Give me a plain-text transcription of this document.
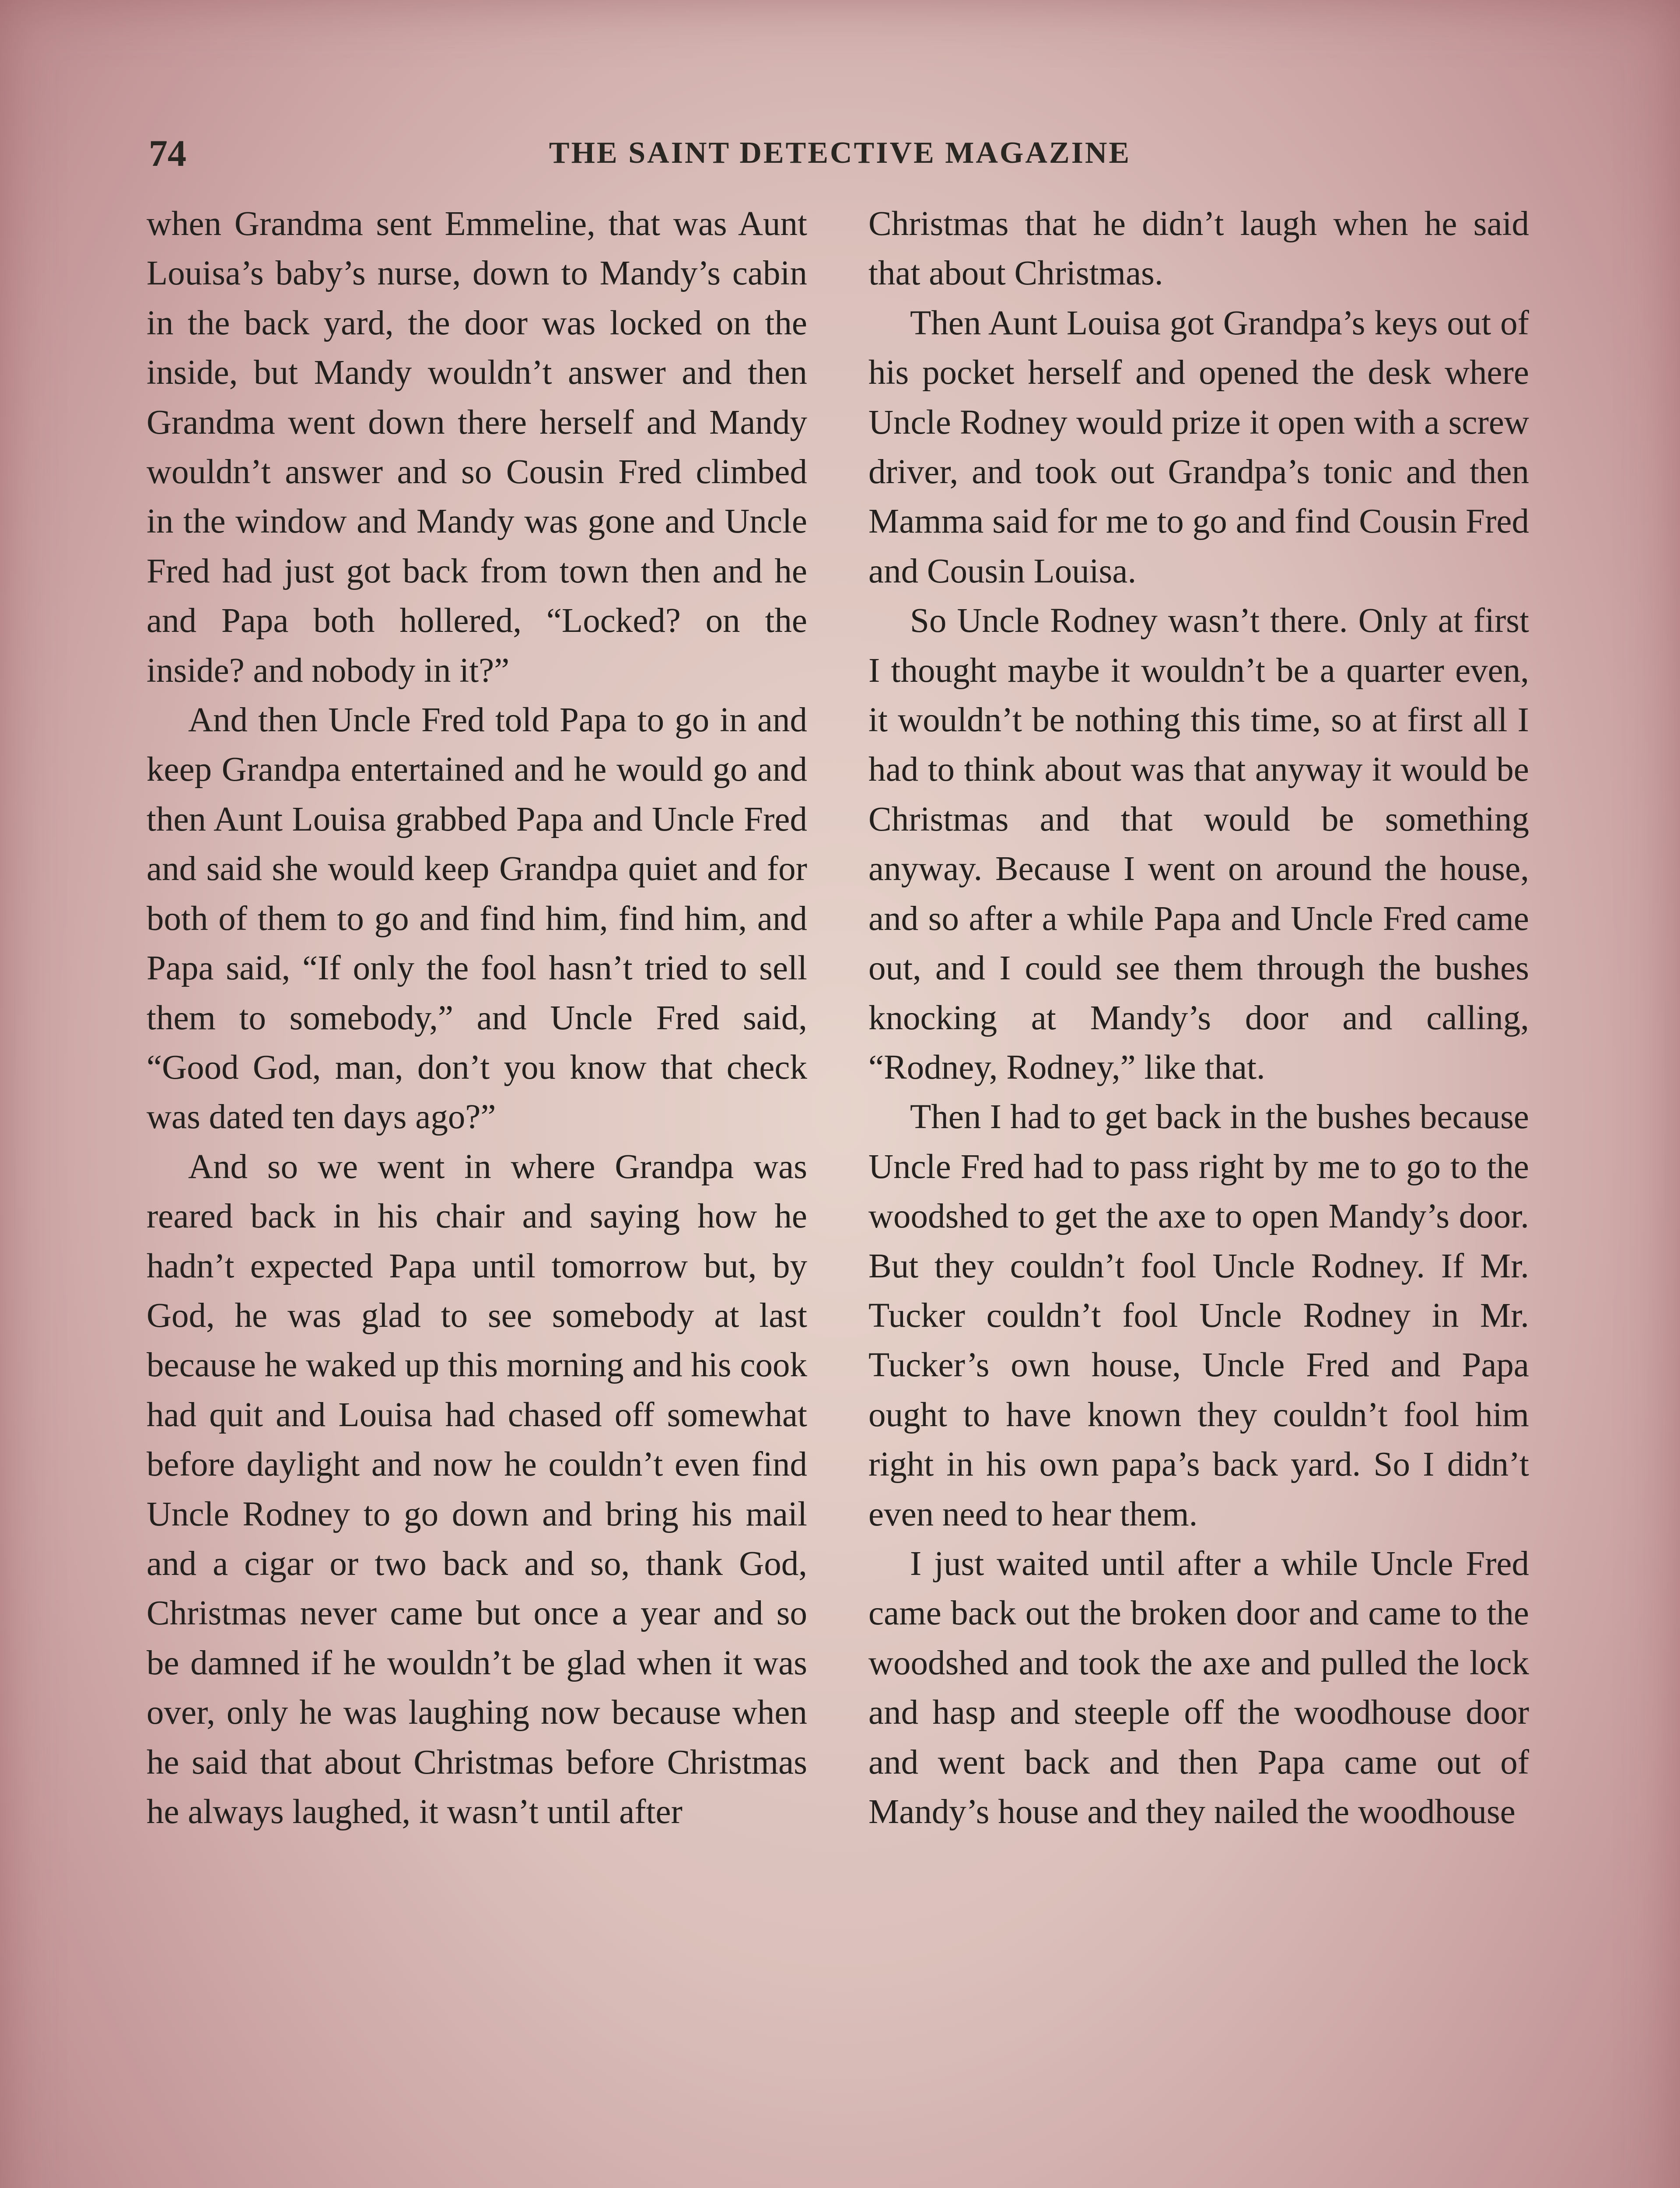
74	THE SAINT DETECTIVE MAGAZINE

when Grandma sent Emmeline, that was Aunt Louisa’s baby’s nurse, down to Mandy’s cabin in the back yard, the door was locked on the inside, but Mandy wouldn’t answer and then Grandma went down there herself and Mandy wouldn’t answer and so Cousin Fred climbed in the window and Mandy was gone and Uncle Fred had just got back from town then and he and Papa both hollered, “Locked? on the inside? and nobody in it?”

And then Uncle Fred told Papa to go in and keep Grandpa entertained and he would go and then Aunt Louisa grabbed Papa and Uncle Fred and said she would keep Grandpa quiet and for both of them to go and find him, find him, and Papa said, “If only the fool hasn’t tried to sell them to somebody,” and Uncle Fred said, “Good God, man, don’t you know that check was dated ten days ago?”

And so we went in where Grandpa was reared back in his chair and saying how he hadn’t expected Papa until tomorrow but, by God, he was glad to see somebody at last because he waked up this morning and his cook had quit and Louisa had chased off somewhat before daylight and now he couldn’t even find Uncle Rodney to go down and bring his mail and a cigar or two back and so, thank God, Christmas never came but once a year and so be damned if he wouldn’t be glad when it was over, only he was laughing now because when he said that about Christmas before Christmas he always laughed, it wasn’t until after

Christmas that he didn’t laugh when he said that about Christmas.

Then Aunt Louisa got Grandpa’s keys out of his pocket herself and opened the desk where Uncle Rodney would prize it open with a screw driver, and took out Grandpa’s tonic and then Mamma said for me to go and find Cousin Fred and Cousin Louisa.

So Uncle Rodney wasn’t there. Only at first I thought maybe it wouldn’t be a quarter even, it wouldn’t be nothing this time, so at first all I had to think about was that anyway it would be Christmas and that would be something anyway. Because I went on around the house, and so after a while Papa and Uncle Fred came out, and I could see them through the bushes knocking at Mandy’s door and calling, “Rodney, Rodney,” like that.

Then I had to get back in the bushes because Uncle Fred had to pass right by me to go to the woodshed to get the axe to open Mandy’s door. But they couldn’t fool Uncle Rodney. If Mr. Tucker couldn’t fool Uncle Rodney in Mr. Tucker’s own house, Uncle Fred and Papa ought to have known they couldn’t fool him right in his own papa’s back yard. So I didn’t even need to hear them.

I just waited until after a while Uncle Fred came back out the broken door and came to the woodshed and took the axe and pulled the lock and hasp and steeple off the woodhouse door and went back and then Papa came out of Mandy’s house and they nailed the woodhouse
